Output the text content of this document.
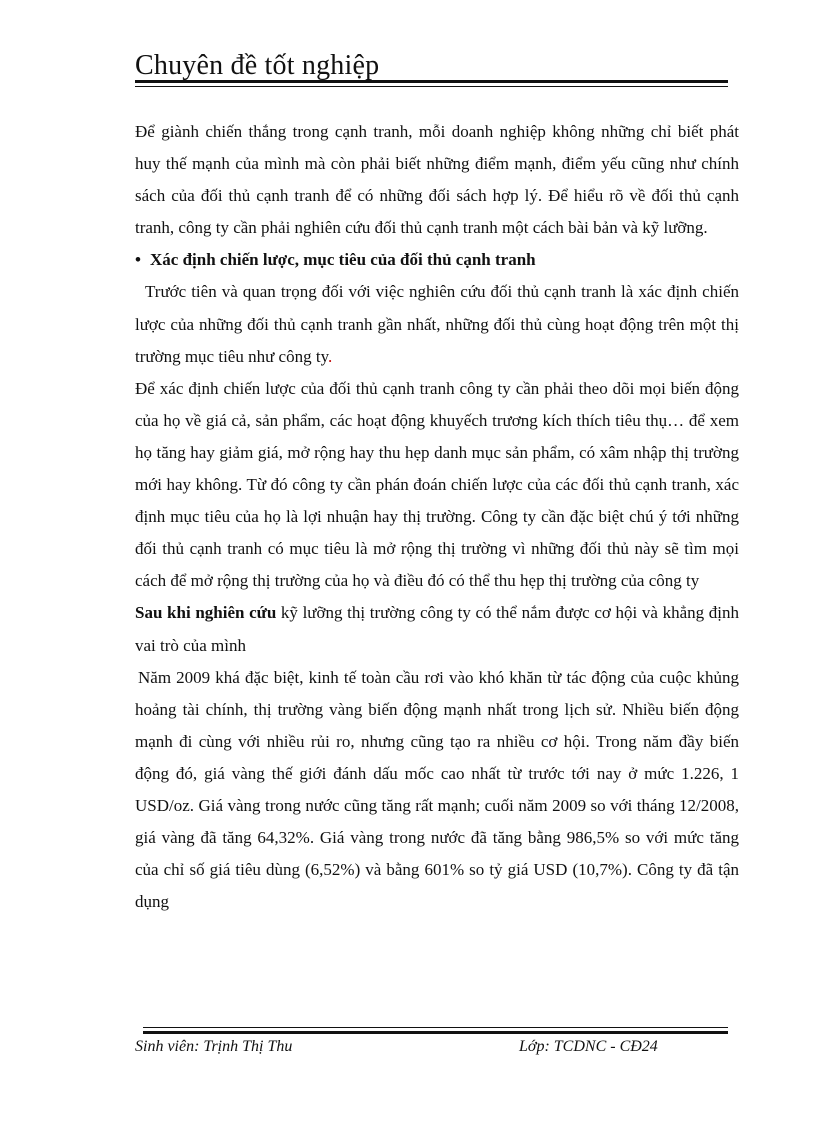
Chuyên đề tốt nghiệp

Để giành chiến thắng trong cạnh tranh, mỗi doanh nghiệp không những chỉ biết phát huy thế mạnh của mình mà còn phải biết những điểm mạnh, điểm yếu cũng như chính sách của đối thủ cạnh tranh để có những đối sách hợp lý. Để hiểu rõ về đối thủ cạnh tranh, công ty cần phải nghiên cứu đối thủ cạnh tranh một cách bài bản và kỹ lưỡng.

• Xác định chiến lược, mục tiêu của đối thủ cạnh tranh

Trước tiên và quan trọng đối với việc nghiên cứu đối thủ cạnh tranh là xác định chiến lược của những đối thủ cạnh tranh gần nhất, những đối thủ cùng hoạt động trên một thị trường mục tiêu như công ty.

Để xác định chiến lược của đối thủ cạnh tranh công ty cần phải theo dõi mọi biến động của họ về giá cả, sản phẩm, các hoạt động khuyếch trương kích thích tiêu thụ… để xem họ tăng hay giảm giá, mở rộng hay thu hẹp danh mục sản phẩm, có xâm nhập thị trường mới hay không. Từ đó công ty cần phán đoán chiến lược của các đối thủ cạnh tranh, xác định mục tiêu của họ là lợi nhuận hay thị trường. Công ty cần đặc biệt chú ý tới những đối thủ cạnh tranh có mục tiêu là mở rộng thị trường vì những đối thủ này sẽ tìm mọi cách để mở rộng thị trường của họ và điều đó có thể thu hẹp thị trường của công ty

Sau khi nghiên cứu kỹ lưỡng thị trường công ty có thể nắm được cơ hội và khẳng định vai trò của mình

Năm 2009 khá đặc biệt, kinh tế toàn cầu rơi vào khó khăn từ tác động của cuộc khủng hoảng tài chính, thị trường vàng biến động mạnh nhất trong lịch sử. Nhiều biến động mạnh đi cùng với nhiều rủi ro, nhưng cũng tạo ra nhiều cơ hội. Trong năm đầy biến động đó, giá vàng thế giới đánh dấu mốc cao nhất từ trước tới nay ở mức 1.226, 1 USD/oz. Giá vàng trong nước cũng tăng rất mạnh; cuối năm 2009 so với tháng 12/2008, giá vàng đã tăng 64,32%. Giá vàng trong nước đã tăng bằng 986,5% so với mức tăng của chỉ số giá tiêu dùng (6,52%) và bằng 601% so tỷ giá USD (10,7%). Công ty đã tận dụng

Sinh viên: Trịnh Thị Thu	Lớp: TCDNC - CĐ24
